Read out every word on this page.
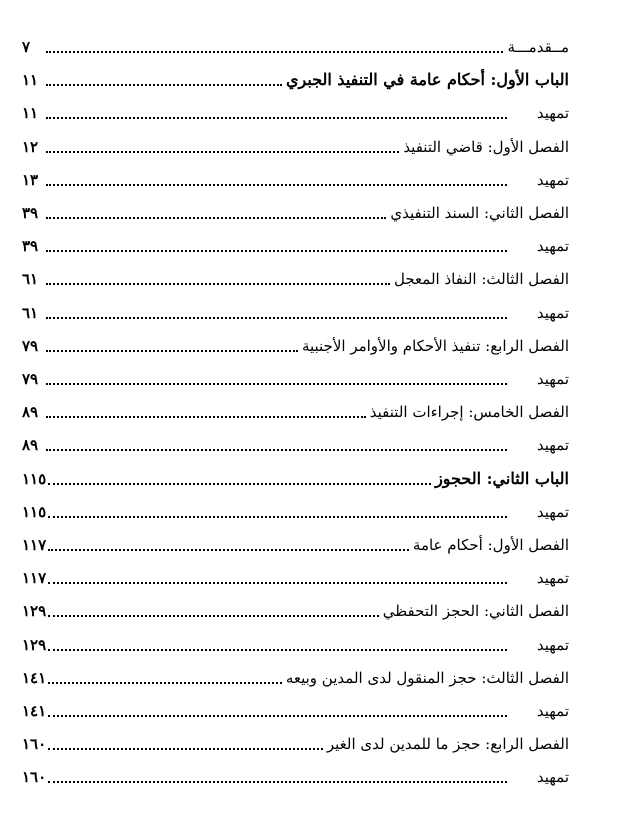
٧	مــقدمـــة
١١	الباب الأول: أحكام عامة في التنفيذ الجبري
١١	تمهيد
١٢	الفصل الأول: قاضي التنفيذ
١٣	تمهيد
٣٩	الفصل الثاني: السند التنفيذي
٣٩	تمهيد
٦١	الفصل الثالث: النفاذ المعجل
٦١	تمهيد
٧٩	الفصل الرابع: تنفيذ الأحكام والأوامر الأجنبية
٧٩	تمهيد
٨٩	الفصل الخامس: إجراءات التنفيذ
٨٩	تمهيد
١١٥	الباب الثاني: الحجوز
١١٥	تمهيد
١١٧	الفصل الأول: أحكام عامة
١١٧	تمهيد
١٢٩	الفصل الثاني: الحجز التحفظي
١٢٩	تمهيد
١٤١	الفصل الثالث: حجز المنقول لدى المدين وبيعه
١٤١	تمهيد
١٦٠	الفصل الرابع: حجز ما للمدين لدى الغير
١٦٠	تمهيد
